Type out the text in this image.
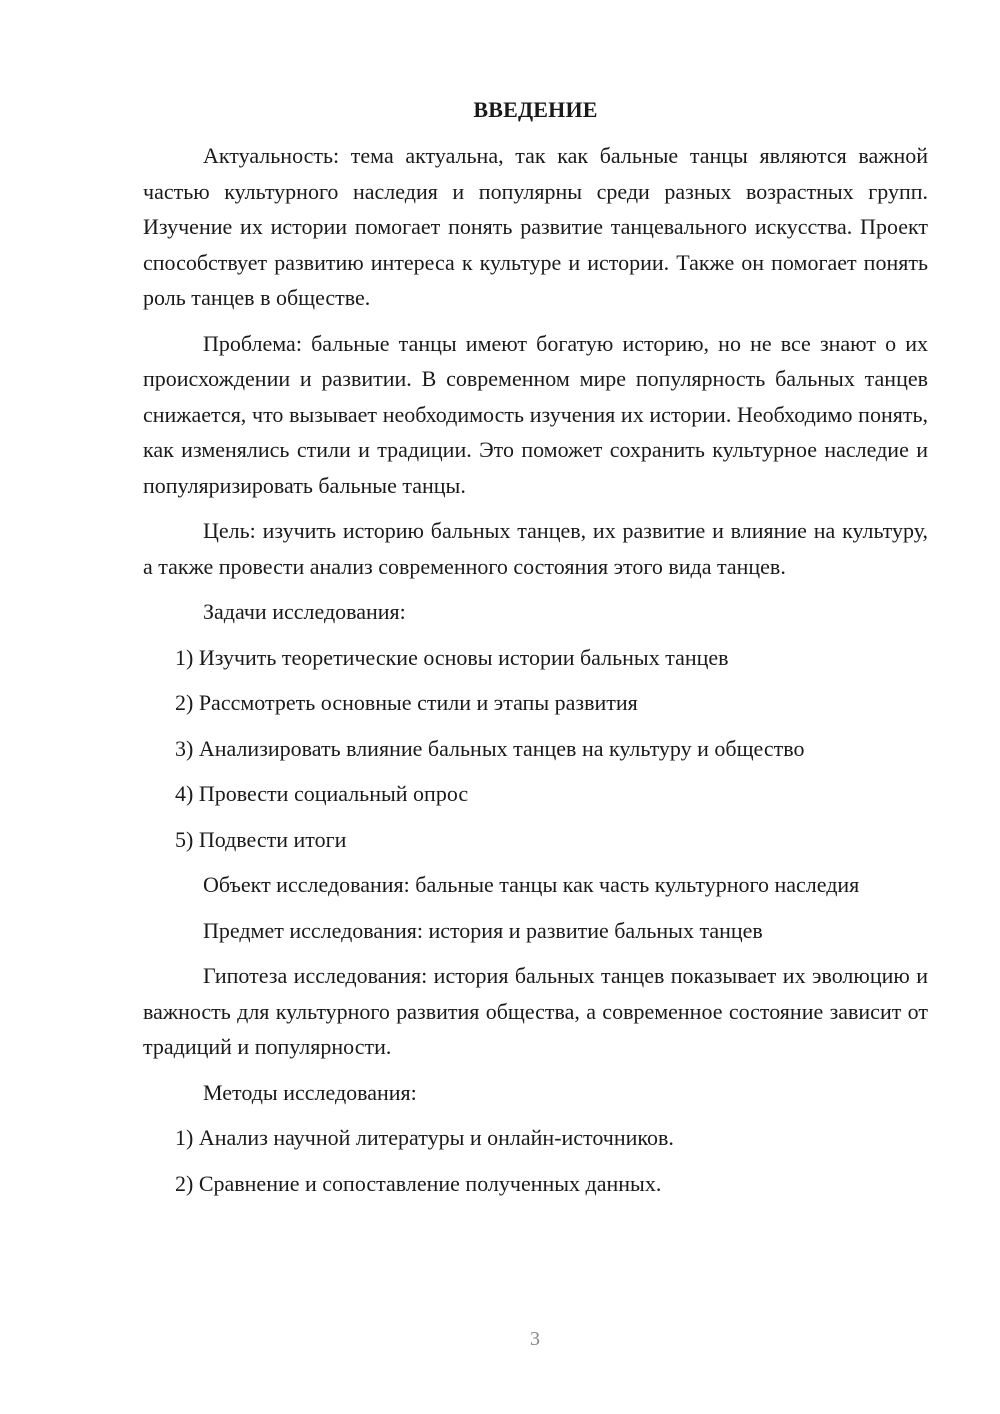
ВВЕДЕНИЕ

Актуальность: тема актуальна, так как бальные танцы являются важной частью культурного наследия и популярны среди разных возрастных групп. Изучение их истории помогает понять развитие танцевального искусства. Проект способствует развитию интереса к культуре и истории. Также он помогает понять роль танцев в обществе.

Проблема: бальные танцы имеют богатую историю, но не все знают о их происхождении и развитии. В современном мире популярность бальных танцев снижается, что вызывает необходимость изучения их истории. Необходимо понять, как изменялись стили и традиции. Это поможет сохранить культурное наследие и популяризировать бальные танцы.

Цель: изучить историю бальных танцев, их развитие и влияние на культуру, а также провести анализ современного состояния этого вида танцев.

Задачи исследования:
1) Изучить теоретические основы истории бальных танцев
2) Рассмотреть основные стили и этапы развития
3) Анализировать влияние бальных танцев на культуру и общество
4) Провести социальный опрос
5) Подвести итоги

Объект исследования: бальные танцы как часть культурного наследия

Предмет исследования: история и развитие бальных танцев

Гипотеза исследования: история бальных танцев показывает их эволюцию и важность для культурного развития общества, а современное состояние зависит от традиций и популярности.

Методы исследования:
1) Анализ научной литературы и онлайн-источников.
2) Сравнение и сопоставление полученных данных.
3
